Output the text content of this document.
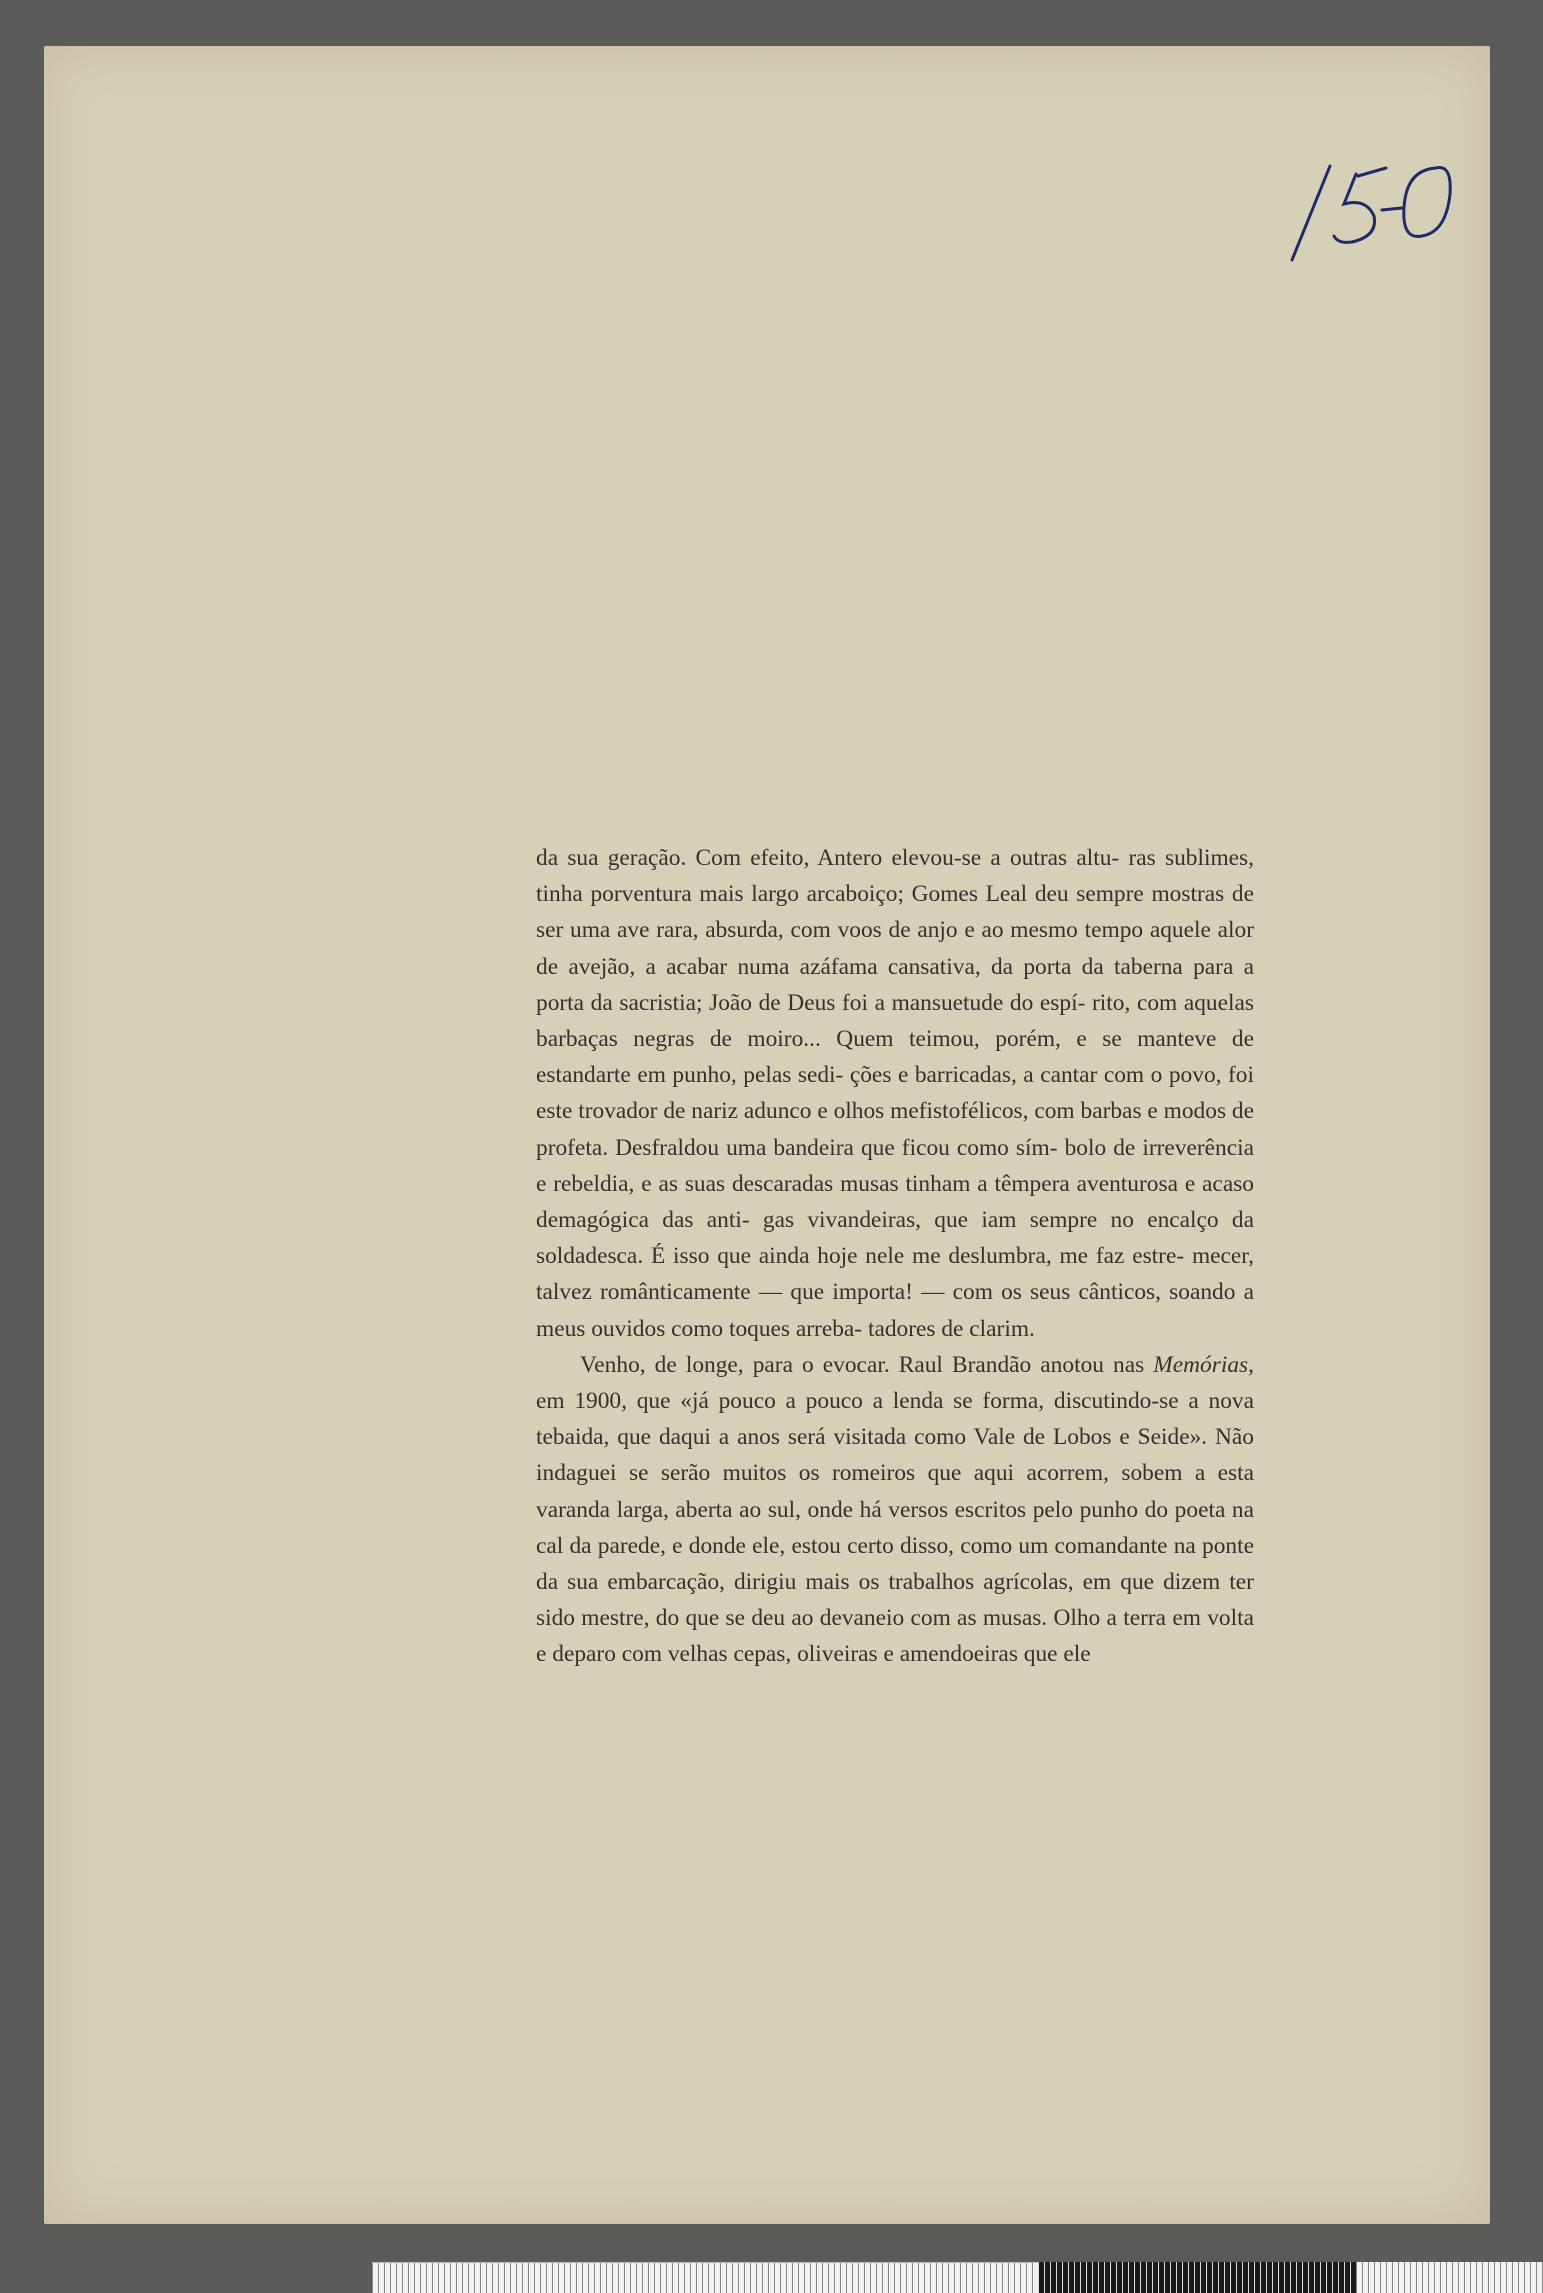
da sua geração. Com efeito, Antero elevou-se a outras altu- ras sublimes, tinha porventura mais largo arcaboiço; Gomes Leal deu sempre mostras de ser uma ave rara, absurda, com voos de anjo e ao mesmo tempo aquele alor de avejão, a acabar numa azáfama cansativa, da porta da taberna para a porta da sacristia; João de Deus foi a mansuetude do espí- rito, com aquelas barbaças negras de moiro... Quem teimou, porém, e se manteve de estandarte em punho, pelas sedi- ções e barricadas, a cantar com o povo, foi este trovador de nariz adunco e olhos mefistofélicos, com barbas e modos de profeta. Desfraldou uma bandeira que ficou como sím- bolo de irreverência e rebeldia, e as suas descaradas musas tinham a têmpera aventurosa e acaso demagógica das anti- gas vivandeiras, que iam sempre no encalço da soldadesca. É isso que ainda hoje nele me deslumbra, me faz estre- mecer, talvez românticamente — que importa! — com os seus cânticos, soando a meus ouvidos como toques arreba- tadores de clarim.

Venho, de longe, para o evocar. Raul Brandão anotou nas Memórias, em 1900, que «já pouco a pouco a lenda se forma, discutindo-se a nova tebaida, que daqui a anos será visitada como Vale de Lobos e Seide». Não indaguei se serão muitos os romeiros que aqui acorrem, sobem a esta varanda larga, aberta ao sul, onde há versos escritos pelo punho do poeta na cal da parede, e donde ele, estou certo disso, como um comandante na ponte da sua embarcação, dirigiu mais os trabalhos agrícolas, em que dizem ter sido mestre, do que se deu ao devaneio com as musas. Olho a terra em volta e deparo com velhas cepas, oliveiras e amendoeiras que ele
